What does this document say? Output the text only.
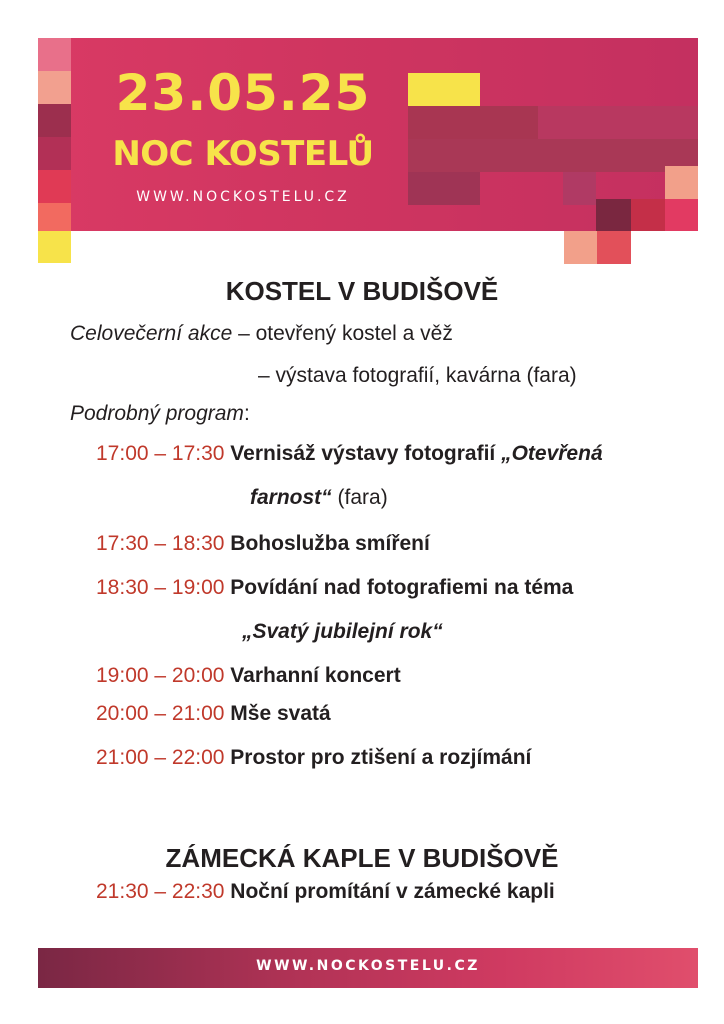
23.05.25
NOC KOSTELŮ
WWW.NOCKOSTELU.CZ
KOSTEL V BUDIŠOVĚ
Celovečerní akce – otevřený kostel a věž
– výstava fotografií, kavárna (fara)
Podrobný program:
17:00 – 17:30 Vernisáž výstavy fotografií „Otevřená
farnost“ (fara)
17:30 – 18:30 Bohoslužba smíření
18:30 – 19:00 Povídání nad fotografiemi na téma
„Svatý jubilejní rok“
19:00 – 20:00 Varhanní koncert
20:00 – 21:00 Mše svatá
21:00 – 22:00 Prostor pro ztišení a rozjímání
ZÁMECKÁ KAPLE V BUDIŠOVĚ
21:30 – 22:30 Noční promítání v zámecké kapli
WWW.NOCKOSTELU.CZ
